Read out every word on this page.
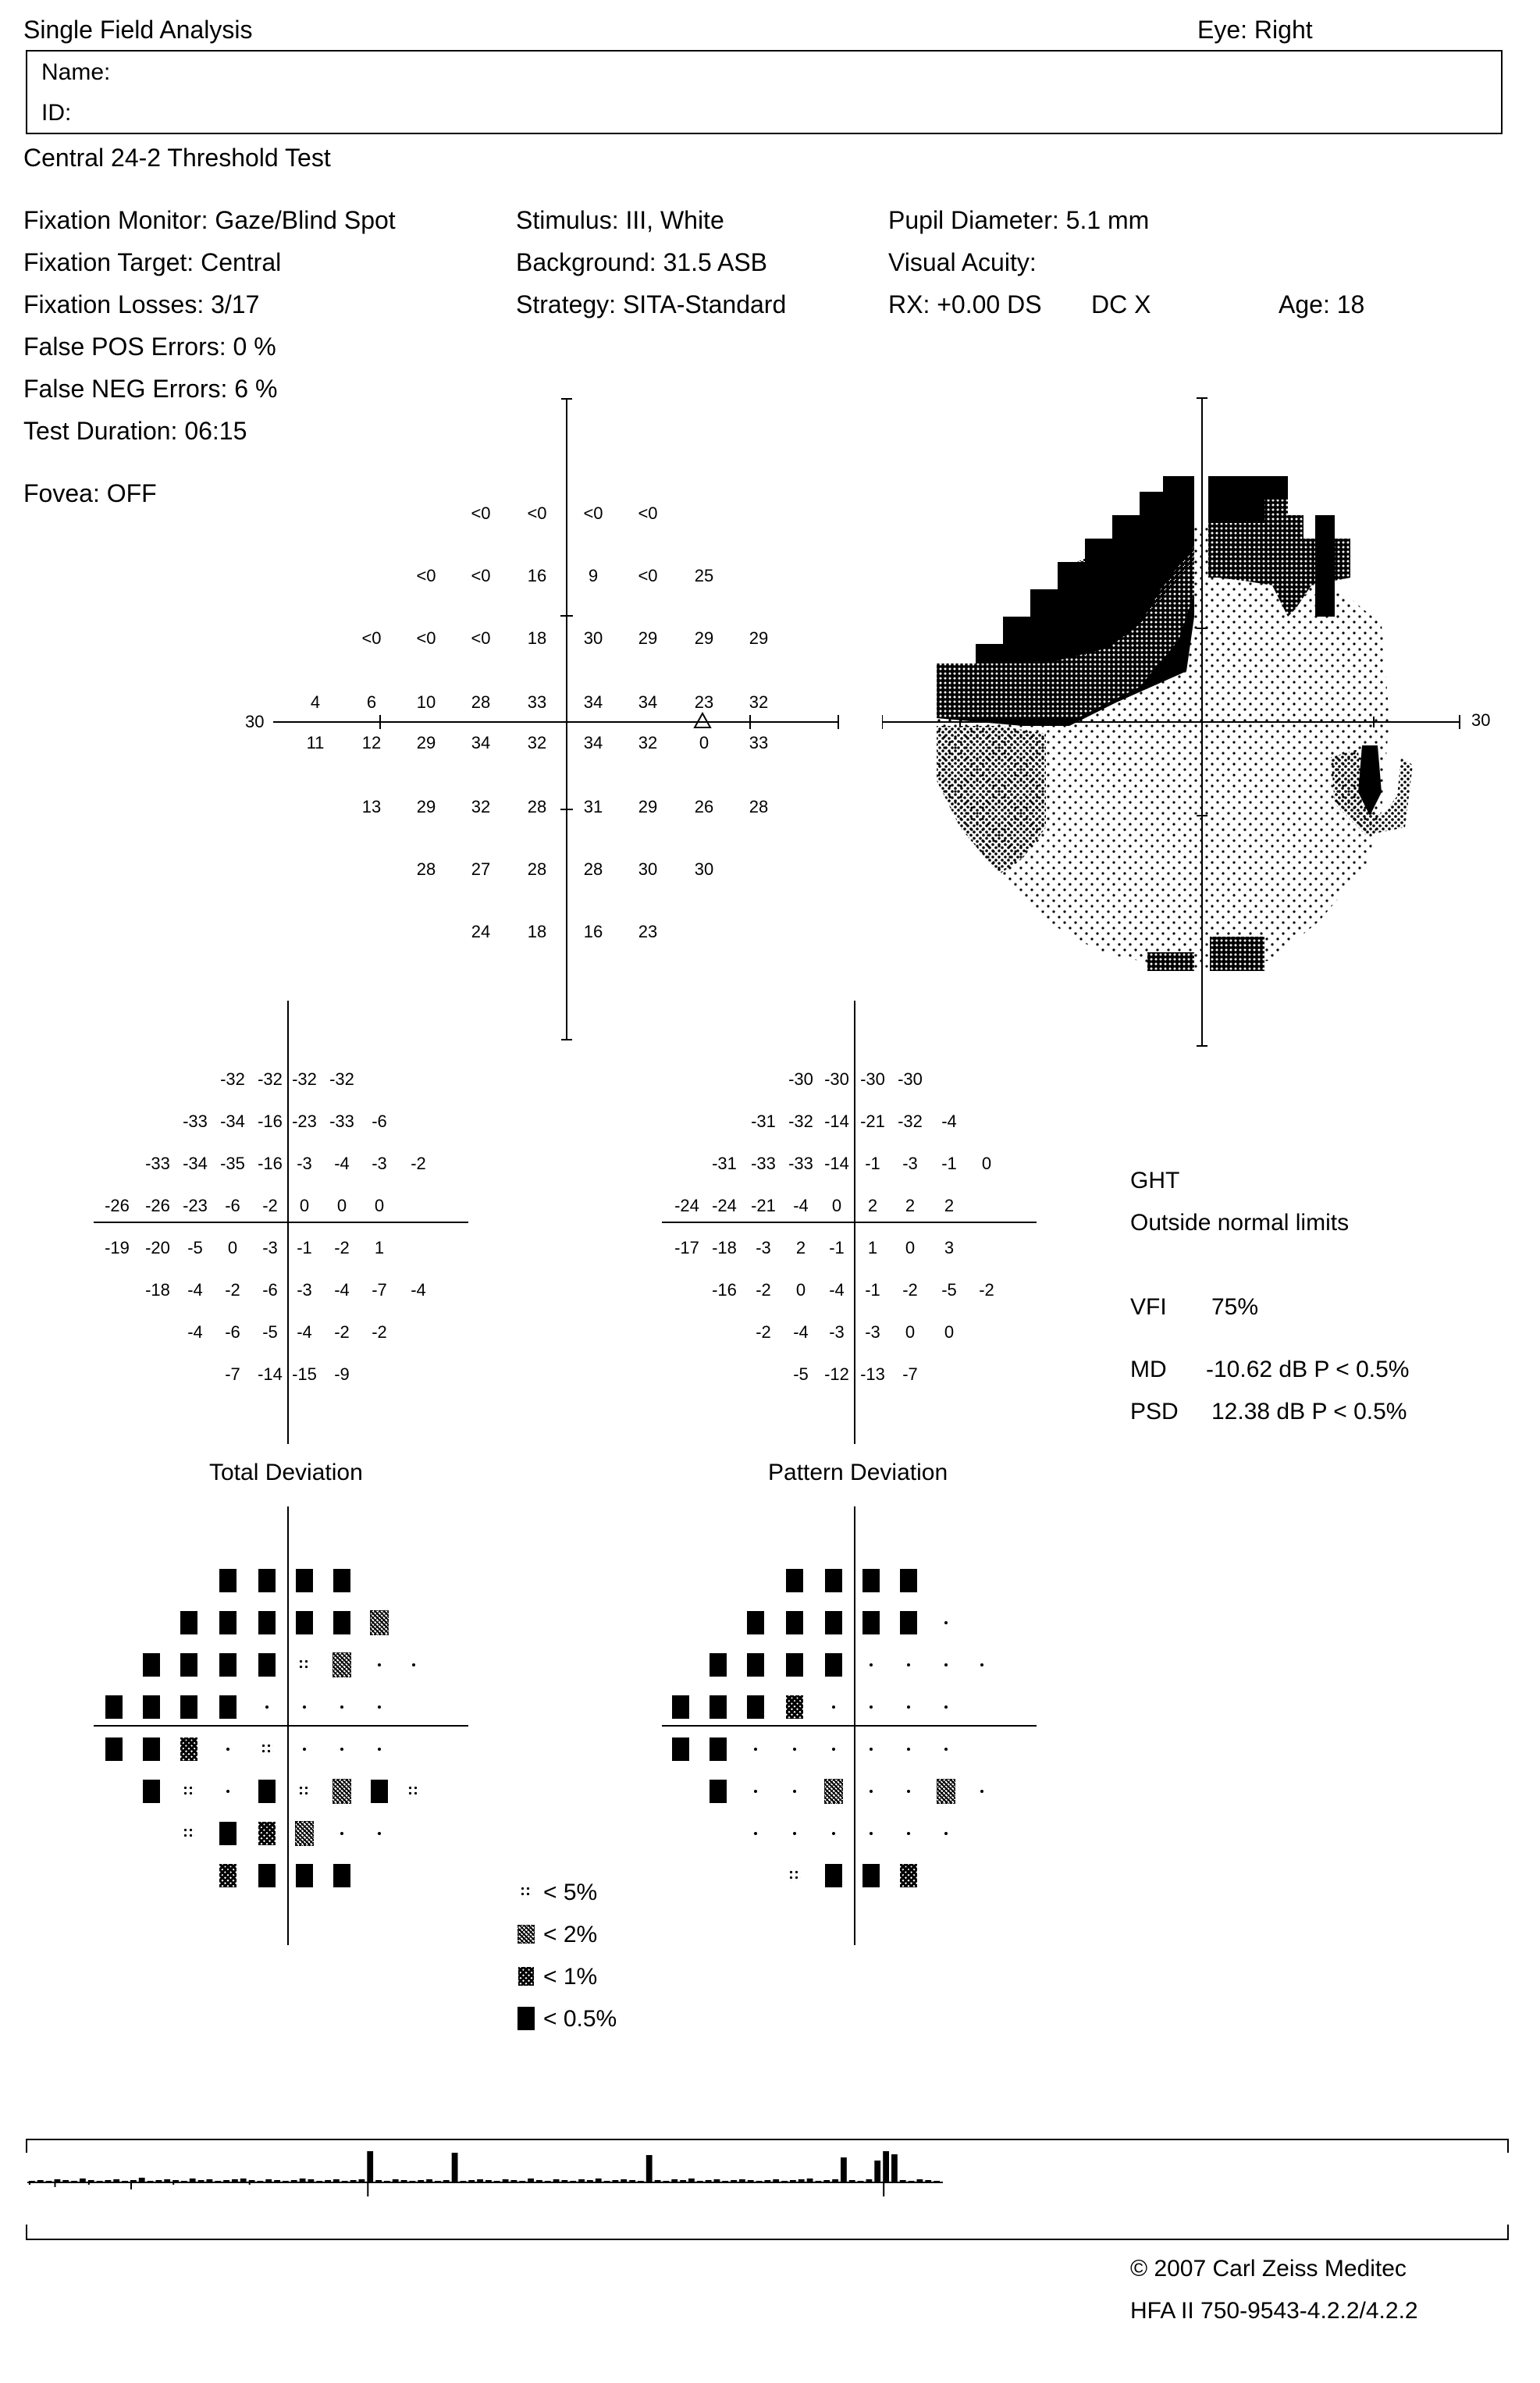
Single Field Analysis	Eye: Right
Name:
ID:
Central 24-2 Threshold Test
Fixation Monitor: Gaze/Blind Spot
Fixation Target: Central
Fixation Losses: 3/17
False POS Errors: 0 %
False NEG Errors: 6 %
Test Duration: 06:15
Fovea: OFF
Stimulus: III, White
Background: 31.5 ASB
Strategy: SITA-Standard
Pupil Diameter: 5.1 mm
Visual Acuity:
RX: +0.00 DS DC X	Age: 18
30
<0 <0 <0 <0
<0 <0 16 9 <0 25
<0 <0 <0 18 30 29 29 29
4	6 10 28 33 34 34 23 32
11 12 29 34 32 34 32 0 33
13 29 32 28 31 29 26 28
28 27 28 28 30 30
24 18 16 23
30
-32 -32 -32 -32
-33 -34 -16 -23 -33 -6
-33 -34 -35 -16 -3 -4 -3 -2
-26 -26 -23 -6 -2 0 0 0
-19 -20 -5 0 -3 -1 -2 1
-18 -4 -2 -6 -3 -4 -7 -4
-4 -6 -5 -4 -2 -2
-7 -14 -15 -9
-30 -30 -30 -30
-31 -32 -14 -21 -32 -4
-31 -33 -33 -14 -1 -3 -1 0
-24 -24 -21 -4 0 2 2 2
-17 -18 -3 2 -1 1 0 3
-16 -2 0 -4 -1 -2 -5 -2
-2 -4 -3 -3 0 0
-5 -12 -13 -7
GHT
Outside normal limits
VFI 75%
MD -10.62 dB P < 0.5%
PSD 12.38 dB P < 0.5%
Total Deviation	Pattern Deviation
< 5%
< 2%
< 1%
< 0.5%
© 2007 Carl Zeiss Meditec
HFA II 750-9543-4.2.2/4.2.2
